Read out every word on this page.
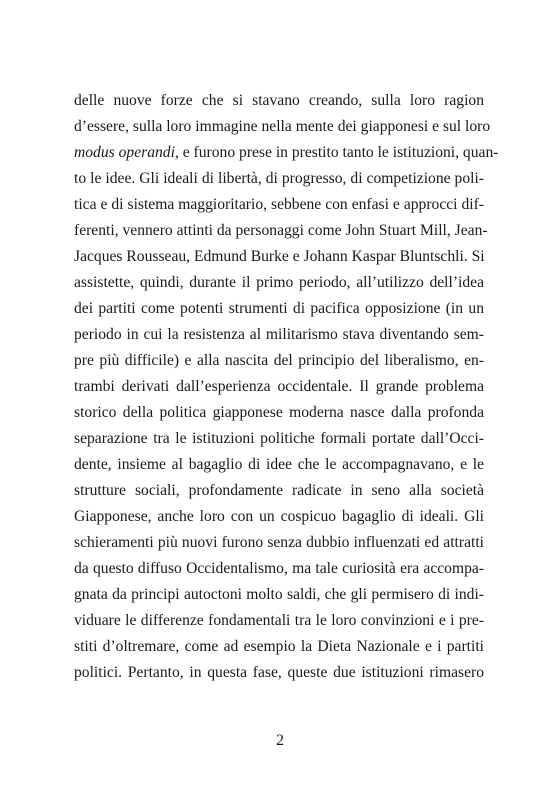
delle nuove forze che si stavano creando, sulla loro ragion
d’essere, sulla loro immagine nella mente dei giapponesi e sul loro
modus operandi, e furono prese in prestito tanto le istituzioni, quan-
to le idee. Gli ideali di libertà, di progresso, di competizione poli-
tica e di sistema maggioritario, sebbene con enfasi e approcci dif-
ferenti, vennero attinti da personaggi come John Stuart Mill, Jean-
Jacques Rousseau, Edmund Burke e Johann Kaspar Bluntschli. Si
assistette, quindi, durante il primo periodo, all’utilizzo dell’idea
dei partiti come potenti strumenti di pacifica opposizione (in un
periodo in cui la resistenza al militarismo stava diventando sem-
pre più difficile) e alla nascita del principio del liberalismo, en-
trambi derivati dall’esperienza occidentale. Il grande problema
storico della politica giapponese moderna nasce dalla profonda
separazione tra le istituzioni politiche formali portate dall’Occi-
dente, insieme al bagaglio di idee che le accompagnavano, e le
strutture sociali, profondamente radicate in seno alla società
Giapponese, anche loro con un cospicuo bagaglio di ideali. Gli
schieramenti più nuovi furono senza dubbio influenzati ed attratti
da questo diffuso Occidentalismo, ma tale curiosità era accompa-
gnata da principi autoctoni molto saldi, che gli permisero di indi-
viduare le differenze fondamentali tra le loro convinzioni e i pre-
stiti d’oltremare, come ad esempio la Dieta Nazionale e i partiti
politici. Pertanto, in questa fase, queste due istituzioni rimasero
2
